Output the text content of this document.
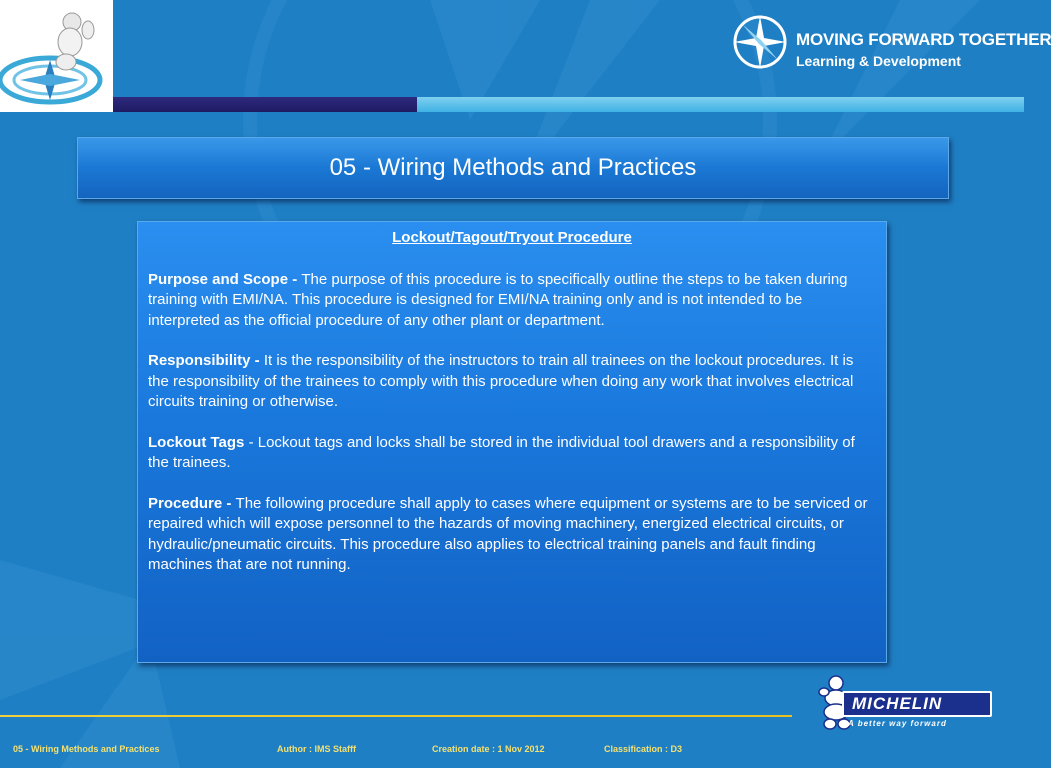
MOVING FORWARD TOGETHER
Learning & Development
05 - Wiring Methods and Practices
Lockout/Tagout/Tryout Procedure

Purpose and Scope - The purpose of this procedure is to specifically outline the steps to be taken during training with EMI/NA. This procedure is designed for EMI/NA training only and is not intended to be interpreted as the official procedure of any other plant or department.

Responsibility - It is the responsibility of the instructors to train all trainees on the lockout procedures. It is the responsibility of the trainees to comply with this procedure when doing any work that involves electrical circuits training or otherwise.

Lockout Tags - Lockout tags and locks shall be stored in the individual tool drawers and a responsibility of the trainees.

Procedure - The following procedure shall apply to cases where equipment or systems are to be serviced or repaired which will expose personnel to the hazards of moving machinery, energized electrical circuits, or hydraulic/pneumatic circuits. This procedure also applies to electrical training panels and fault finding machines that are not running.

05 - Wiring Methods and Practices	Author : IMS Stafff	Creation date : 1 Nov 2012	Classification : D3
MICHELIN
A better way forward
